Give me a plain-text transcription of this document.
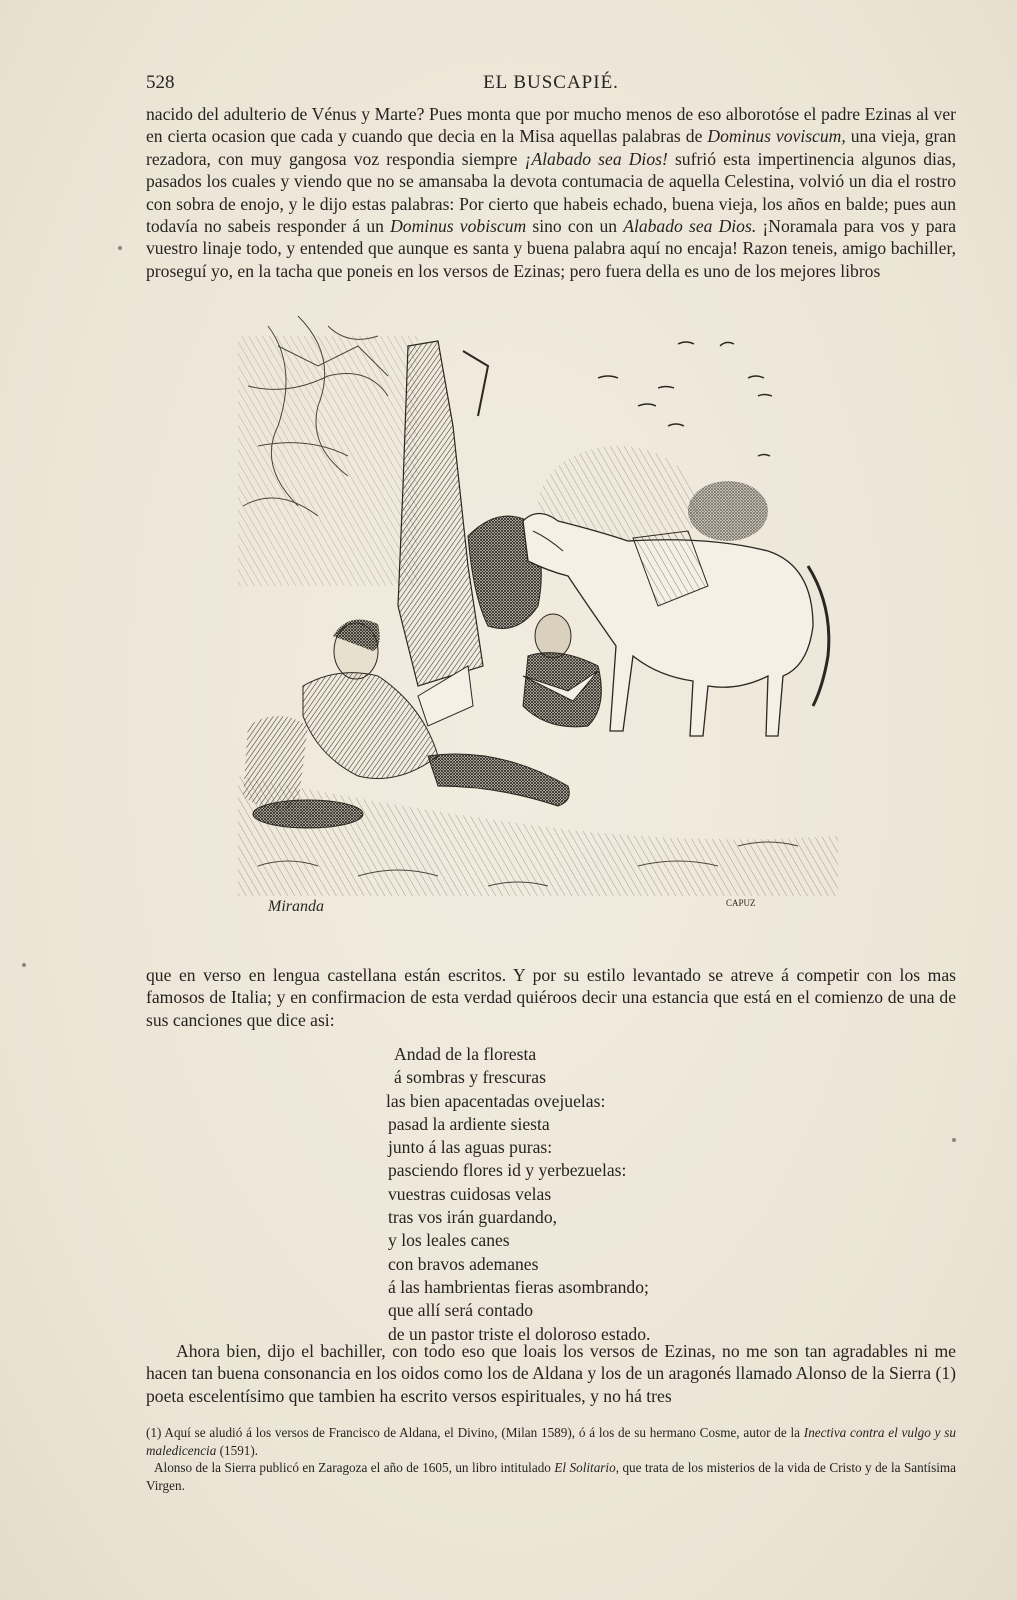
528	EL BUSCAPIÉ.

nacido del adulterio de Vénus y Marte? Pues monta que por mucho menos de eso alborotóse el padre Ezinas al ver en cierta ocasion que cada y cuando que decia en la Misa aquellas palabras de Dominus voviscum, una vieja, gran rezadora, con muy gangosa voz respondia siempre ¡Alabado sea Dios! sufrió esta impertinencia algunos dias, pasados los cuales y viendo que no se amansaba la devota contumacia de aquella Celestina, volvió un dia el rostro con sobra de enojo, y le dijo estas palabras: Por cierto que habeis echado, buena vieja, los años en balde; pues aun todavía no sabeis responder á un Dominus vobiscum sino con un Alabado sea Dios. ¡Noramala para vos y para vuestro linaje todo, y entended que aunque es santa y buena palabra aquí no encaja! Razon teneis, amigo bachiller, proseguí yo, en la tacha que poneis en los versos de Ezinas; pero fuera della es uno de los mejores libros

Miranda	CAPUZ

que en verso en lengua castellana están escritos. Y por su estilo levantado se atreve á competir con los mas famosos de Italia; y en confirmacion de esta verdad quiéroos decir una estancia que está en el comienzo de una de sus canciones que dice asi:

Andad de la floresta
á sombras y frescuras
las bien apacentadas ovejuelas:
pasad la ardiente siesta
junto á las aguas puras:
pasciendo flores id y yerbezuelas:
vuestras cuidosas velas
tras vos irán guardando,
y los leales canes
con bravos ademanes
á las hambrientas fieras asombrando;
que allí será contado
de un pastor triste el doloroso estado.

Ahora bien, dijo el bachiller, con todo eso que loais los versos de Ezinas, no me son tan agradables ni me hacen tan buena consonancia en los oidos como los de Aldana y los de un aragonés llamado Alonso de la Sierra (1) poeta escelentísimo que tambien ha escrito versos espirituales, y no há tres

(1) Aquí se aludió á los versos de Francisco de Aldana, el Divino, (Milan 1589), ó á los de su hermano Cosme, autor de la Inectiva contra el vulgo y su maledicencia (1591).

Alonso de la Sierra publicó en Zaragoza el año de 1605, un libro intitulado El Solitario, que trata de los misterios de la vida de Cristo y de la Santísima Virgen.
